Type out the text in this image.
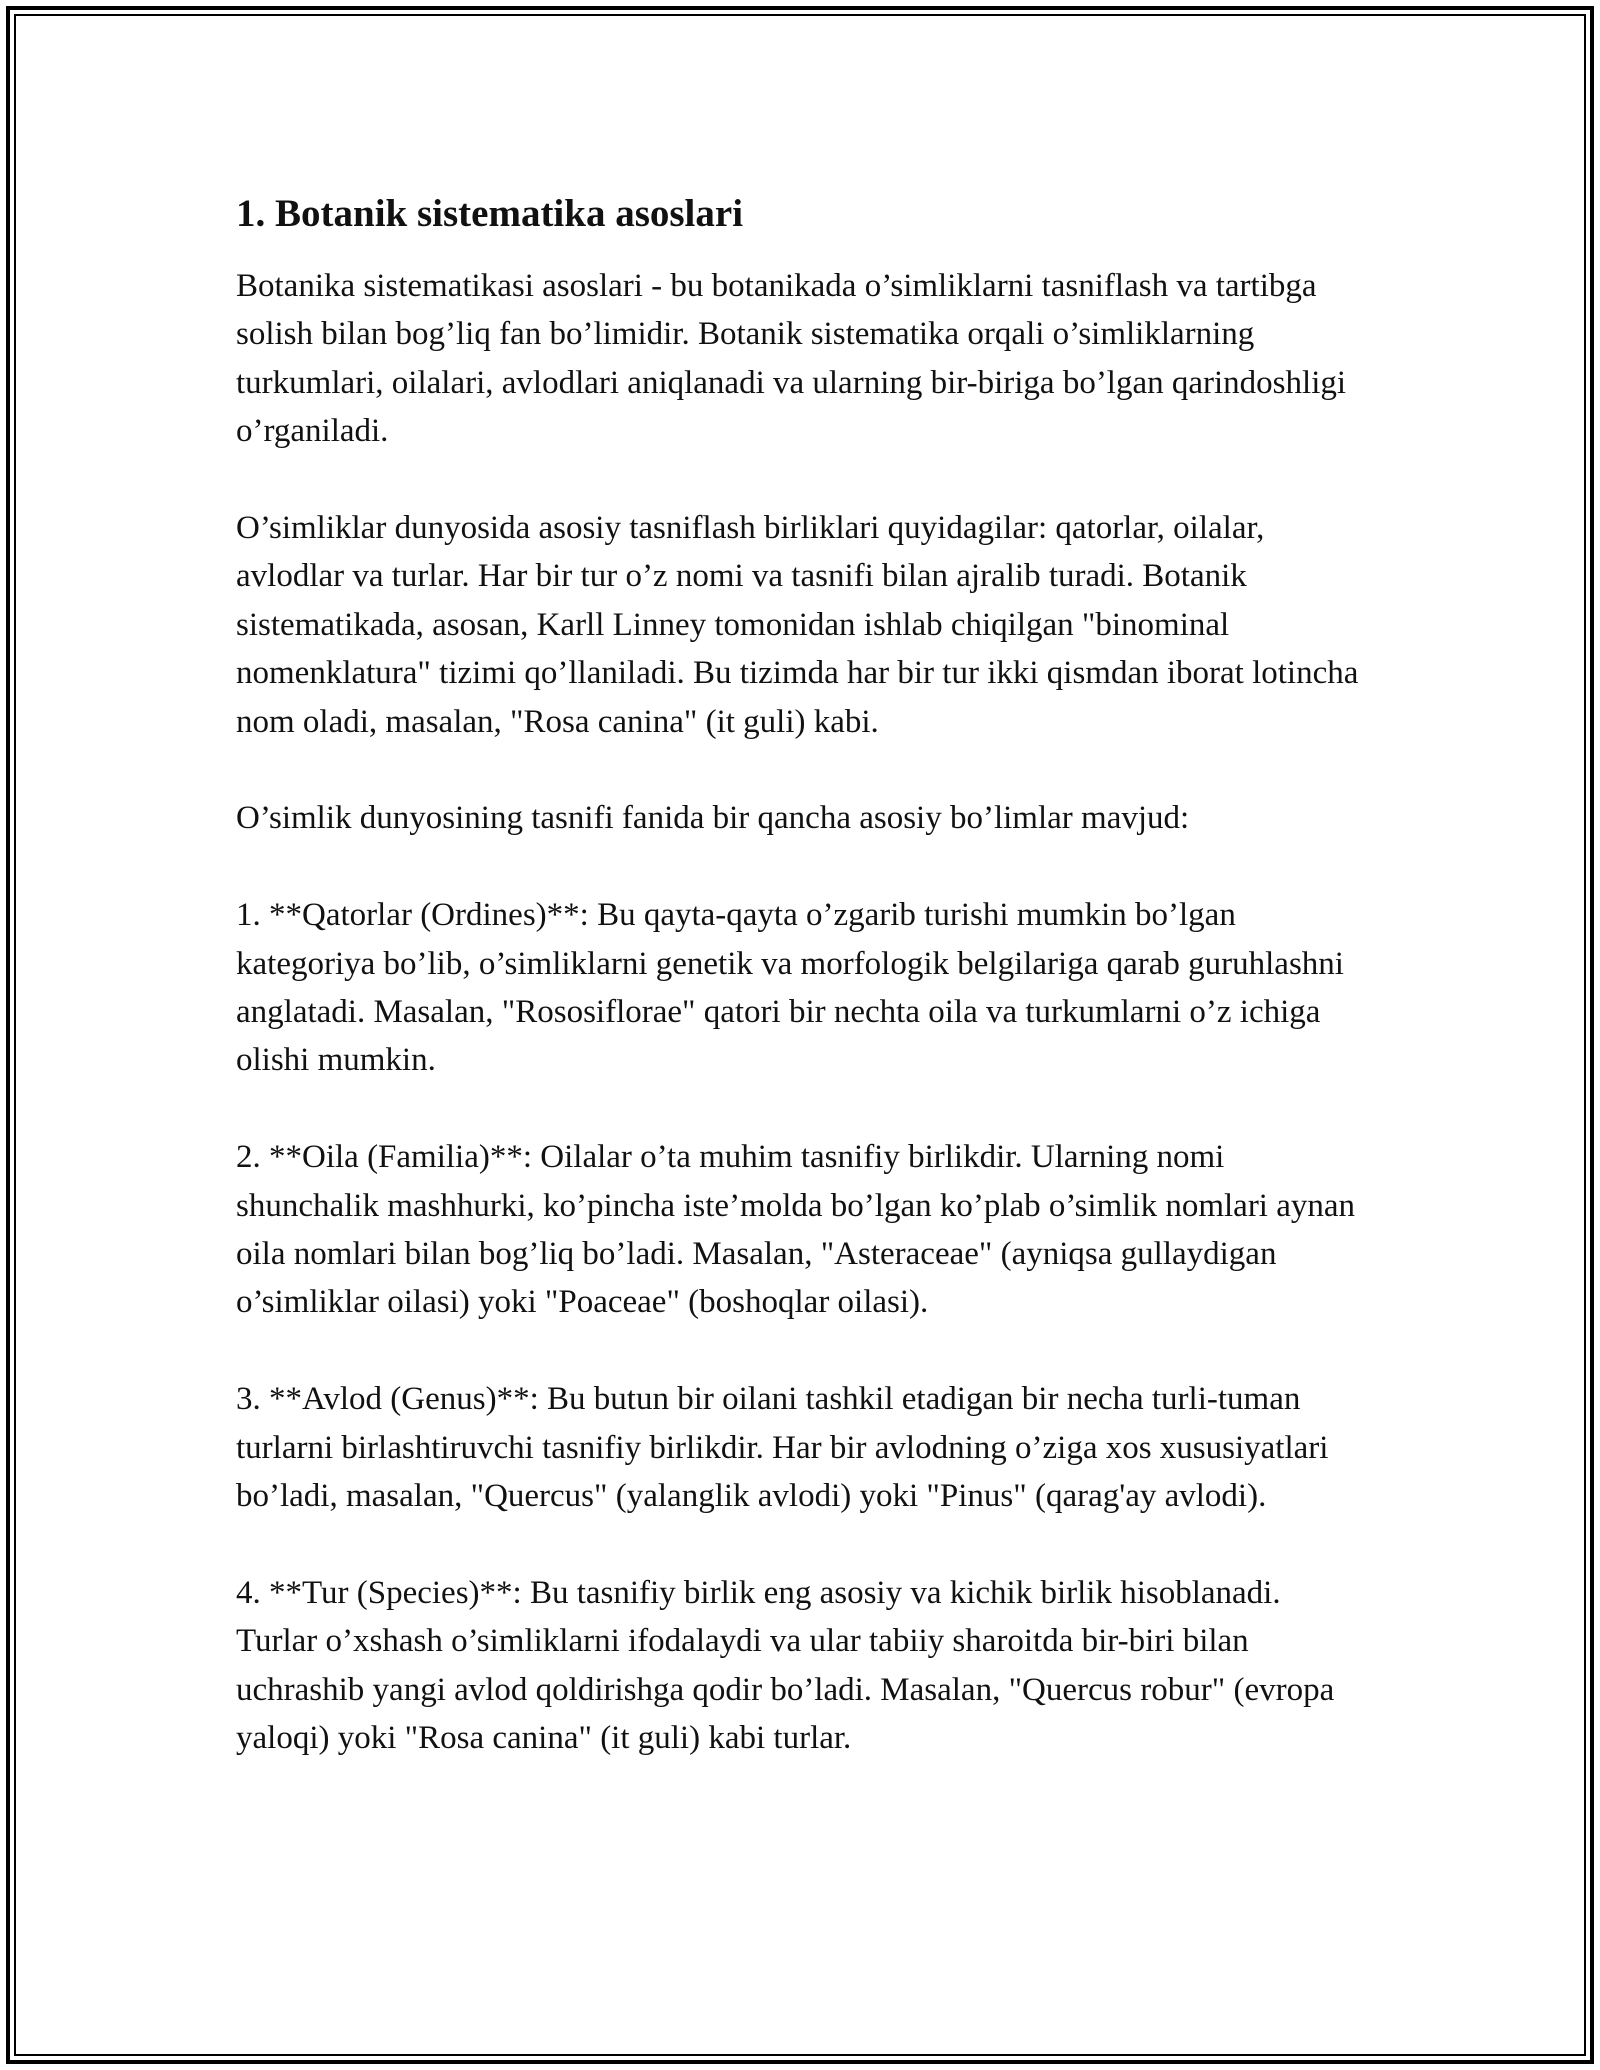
1. Botanik sistematika asoslari

Botanika sistematikasi asoslari - bu botanikada o’simliklarni tasniflash va tartibga solish bilan bog’liq fan bo’limidir. Botanik sistematika orqali o’simliklarning turkumlari, oilalari, avlodlari aniqlanadi va ularning bir-biriga bo’lgan qarindoshligi o’rganiladi.

O’simliklar dunyosida asosiy tasniflash birliklari quyidagilar: qatorlar, oilalar, avlodlar va turlar. Har bir tur o’z nomi va tasnifi bilan ajralib turadi. Botanik sistematikada, asosan, Karll Linney tomonidan ishlab chiqilgan "binominal nomenklatura" tizimi qo’llaniladi. Bu tizimda har bir tur ikki qismdan iborat lotincha nom oladi, masalan, "Rosa canina" (it guli) kabi.

O’simlik dunyosining tasnifi fanida bir qancha asosiy bo’limlar mavjud:

1. **Qatorlar (Ordines)**: Bu qayta-qayta o’zgarib turishi mumkin bo’lgan kategoriya bo’lib, o’simliklarni genetik va morfologik belgilariga qarab guruhlashni anglatadi. Masalan, "Rososiflorae" qatori bir nechta oila va turkumlarni o’z ichiga olishi mumkin.

2. **Oila (Familia)**: Oilalar o’ta muhim tasnifiy birlikdir. Ularning nomi shunchalik mashhurki, ko’pincha iste’molda bo’lgan ko’plab o’simlik nomlari aynan oila nomlari bilan bog’liq bo’ladi. Masalan, "Asteraceae" (ayniqsa gullaydigan o’simliklar oilasi) yoki "Poaceae" (boshoqlar oilasi).

3. **Avlod (Genus)**: Bu butun bir oilani tashkil etadigan bir necha turli-tuman turlarni birlashtiruvchi tasnifiy birlikdir. Har bir avlodning o’ziga xos xususiyatlari bo’ladi, masalan, "Quercus" (yalanglik avlodi) yoki "Pinus" (qarag'ay avlodi).

4. **Tur (Species)**: Bu tasnifiy birlik eng asosiy va kichik birlik hisoblanadi. Turlar o’xshash o’simliklarni ifodalaydi va ular tabiiy sharoitda bir-biri bilan uchrashib yangi avlod qoldirishga qodir bo’ladi. Masalan, "Quercus robur" (evropa yaloqi) yoki "Rosa canina" (it guli) kabi turlar.
